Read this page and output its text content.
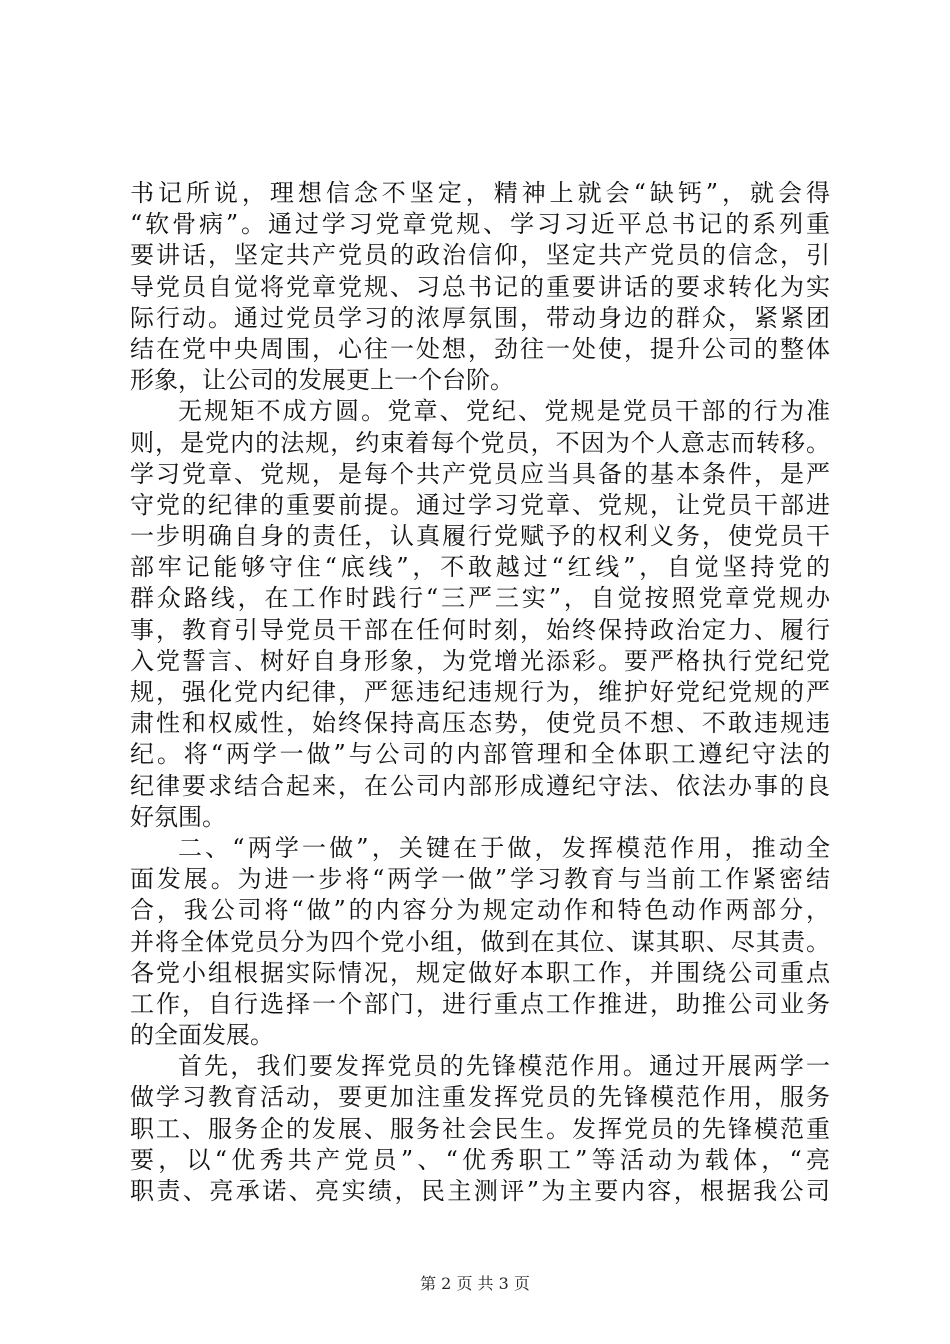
书记所说，理想信念不坚定，精神上就会“缺钙”，就会得
“软骨病”。通过学习党章党规、学习习近平总书记的系列重
要讲话，坚定共产党员的政治信仰，坚定共产党员的信念，引
导党员自觉将党章党规、习总书记的重要讲话的要求转化为实
际行动。通过党员学习的浓厚氛围，带动身边的群众，紧紧团
结在党中央周围，心往一处想，劲往一处使，提升公司的整体
形象，让公司的发展更上一个台阶。
无规矩不成方圆。党章、党纪、党规是党员干部的行为准
则，是党内的法规，约束着每个党员，不因为个人意志而转移。
学习党章、党规，是每个共产党员应当具备的基本条件，是严
守党的纪律的重要前提。通过学习党章、党规，让党员干部进
一步明确自身的责任，认真履行党赋予的权利义务，使党员干
部牢记能够守住“底线”，不敢越过“红线”，自觉坚持党的
群众路线，在工作时践行“三严三实”，自觉按照党章党规办
事，教育引导党员干部在任何时刻，始终保持政治定力、履行
入党誓言、树好自身形象，为党增光添彩。要严格执行党纪党
规，强化党内纪律，严惩违纪违规行为，维护好党纪党规的严
肃性和权威性，始终保持高压态势，使党员不想、不敢违规违
纪。将“两学一做”与公司的内部管理和全体职工遵纪守法的
纪律要求结合起来，在公司内部形成遵纪守法、依法办事的良
好氛围。
二、“两学一做”，关键在于做，发挥模范作用，推动全
面发展。为进一步将“两学一做”学习教育与当前工作紧密结
合，我公司将“做”的内容分为规定动作和特色动作两部分，
并将全体党员分为四个党小组，做到在其位、谋其职、尽其责。
各党小组根据实际情况，规定做好本职工作，并围绕公司重点
工作，自行选择一个部门，进行重点工作推进，助推公司业务
的全面发展。
首先，我们要发挥党员的先锋模范作用。通过开展两学一
做学习教育活动，要更加注重发挥党员的先锋模范作用，服务
职工、服务企的发展、服务社会民生。发挥党员的先锋模范重
要，以“优秀共产党员”、“优秀职工”等活动为载体，“亮
职责、亮承诺、亮实绩，民主测评”为主要内容，根据我公司
第 2 页 共 3 页
